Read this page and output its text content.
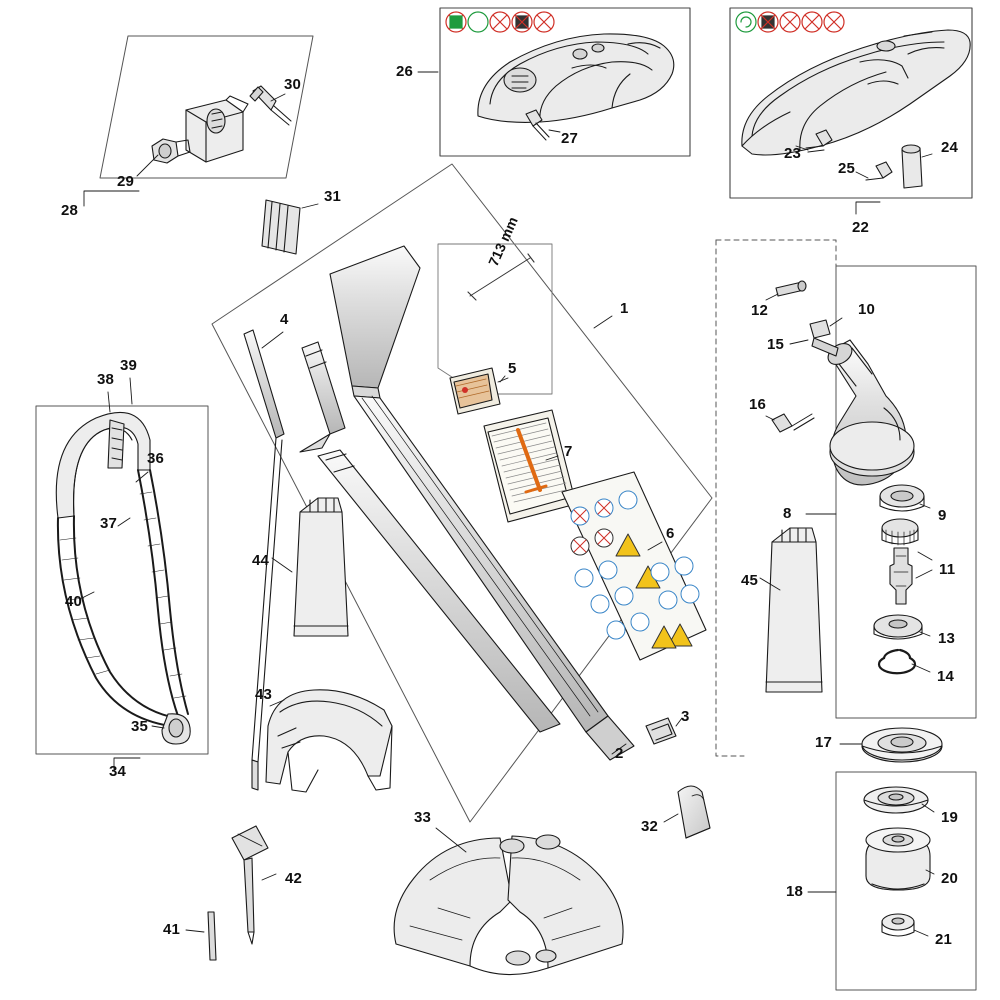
713 mm
1
2
3
4
5
6
7
8	9
10
11
12
13
14
15
16
17
18
19
20
21
22
23	24
25
26
27
28
29
30
31
32
33
34
35
36
37
38
39
40
41
42
43
44
45
